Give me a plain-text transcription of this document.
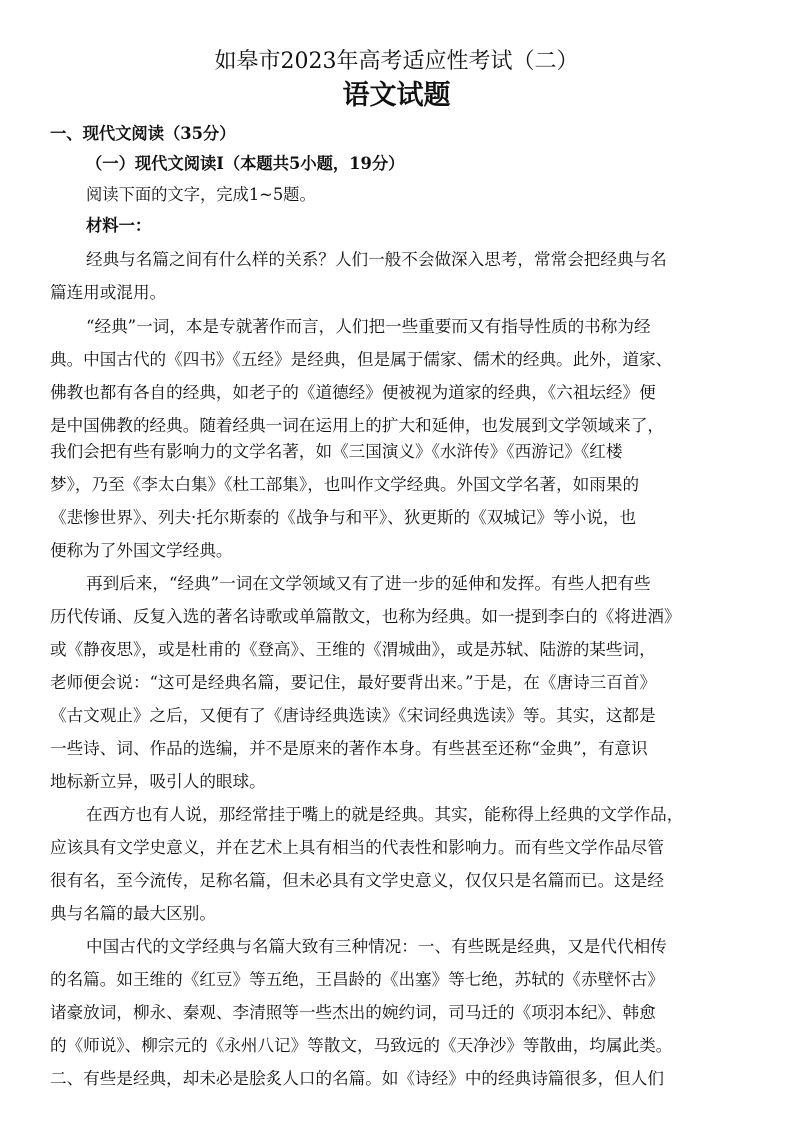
如皋市2023年高考适应性考试（二）
语文试题
一、现代文阅读（35分）
（一）现代文阅读Ⅰ（本题共5小题，19分）
阅读下面的文字，完成1~5题。
材料一：
经典与名篇之间有什么样的关系？人们一般不会做深入思考，常常会把经典与名
篇连用或混用。
“经典”一词，本是专就著作而言，人们把一些重要而又有指导性质的书称为经
典。中国古代的《四书》《五经》是经典，但是属于儒家、儒术的经典。此外，道家、
佛教也都有各自的经典，如老子的《道德经》便被视为道家的经典，《六祖坛经》便
是中国佛教的经典。随着经典一词在运用上的扩大和延伸，也发展到文学领域来了，
我们会把有些有影响力的文学名著，如《三国演义》《水浒传》《西游记》《红楼
梦》，乃至《李太白集》《杜工部集》，也叫作文学经典。外国文学名著，如雨果的
《悲惨世界》、列夫·托尔斯泰的《战争与和平》、狄更斯的《双城记》等小说，也
便称为了外国文学经典。
再到后来，“经典”一词在文学领域又有了进一步的延伸和发挥。有些人把有些
历代传诵、反复入选的著名诗歌或单篇散文，也称为经典。如一提到李白的《将进酒》
或《静夜思》，或是杜甫的《登高》、王维的《渭城曲》，或是苏轼、陆游的某些词，
老师便会说：“这可是经典名篇，要记住，最好要背出来。”于是，在《唐诗三百首》
《古文观止》之后，又便有了《唐诗经典选读》《宋词经典选读》等。其实，这都是
一些诗、词、作品的选编，并不是原来的著作本身。有些甚至还称“金典”，有意识
地标新立异，吸引人的眼球。
在西方也有人说，那经常挂于嘴上的就是经典。其实，能称得上经典的文学作品，
应该具有文学史意义，并在艺术上具有相当的代表性和影响力。而有些文学作品尽管
很有名，至今流传，足称名篇，但未必具有文学史意义，仅仅只是名篇而已。这是经
典与名篇的最大区别。
中国古代的文学经典与名篇大致有三种情况：一、有些既是经典，又是代代相传
的名篇。如王维的《红豆》等五绝，王昌龄的《出塞》等七绝，苏轼的《赤壁怀古》
诸豪放词，柳永、秦观、李清照等一些杰出的婉约词，司马迁的《项羽本纪》、韩愈
的《师说》、柳宗元的《永州八记》等散文，马致远的《天净沙》等散曲，均属此类。
二、有些是经典，却未必是脍炙人口的名篇。如《诗经》中的经典诗篇很多，但人们
